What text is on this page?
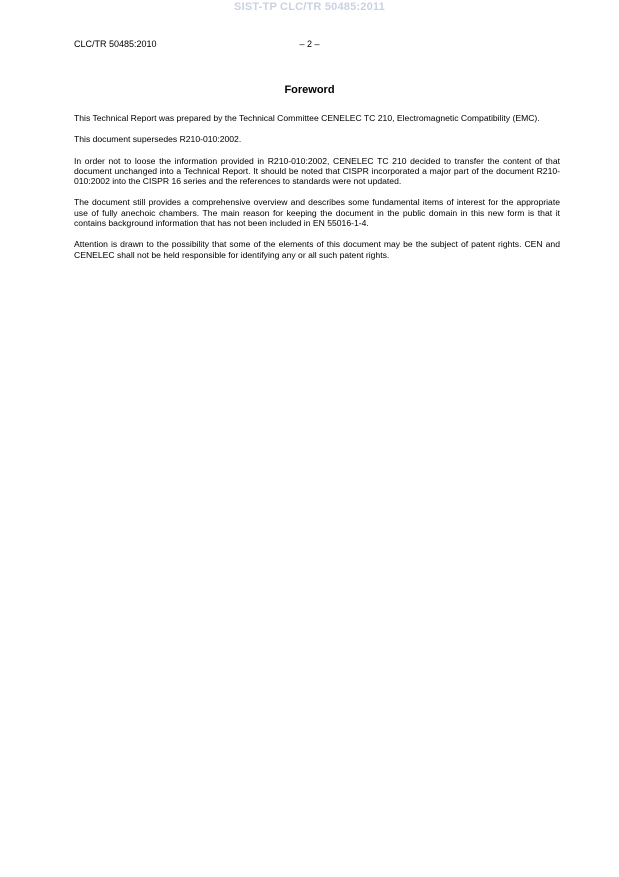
SIST-TP CLC/TR 50485:2011
CLC/TR 50485:2010	– 2 –
Foreword

This Technical Report was prepared by the Technical Committee CENELEC TC 210, Electromagnetic Compatibility (EMC).

This document supersedes R210-010:2002.

In order not to loose the information provided in R210-010:2002, CENELEC TC 210 decided to transfer the content of that document unchanged into a Technical Report. It should be noted that CISPR incorporated a major part of the document R210-010:2002 into the CISPR 16 series and the references to standards were not updated.

The document still provides a comprehensive overview and describes some fundamental items of interest for the appropriate use of fully anechoic chambers. The main reason for keeping the document in the public domain in this new form is that it contains background information that has not been included in EN 55016-1-4.

Attention is drawn to the possibility that some of the elements of this document may be the subject of patent rights. CEN and CENELEC shall not be held responsible for identifying any or all such patent rights.
